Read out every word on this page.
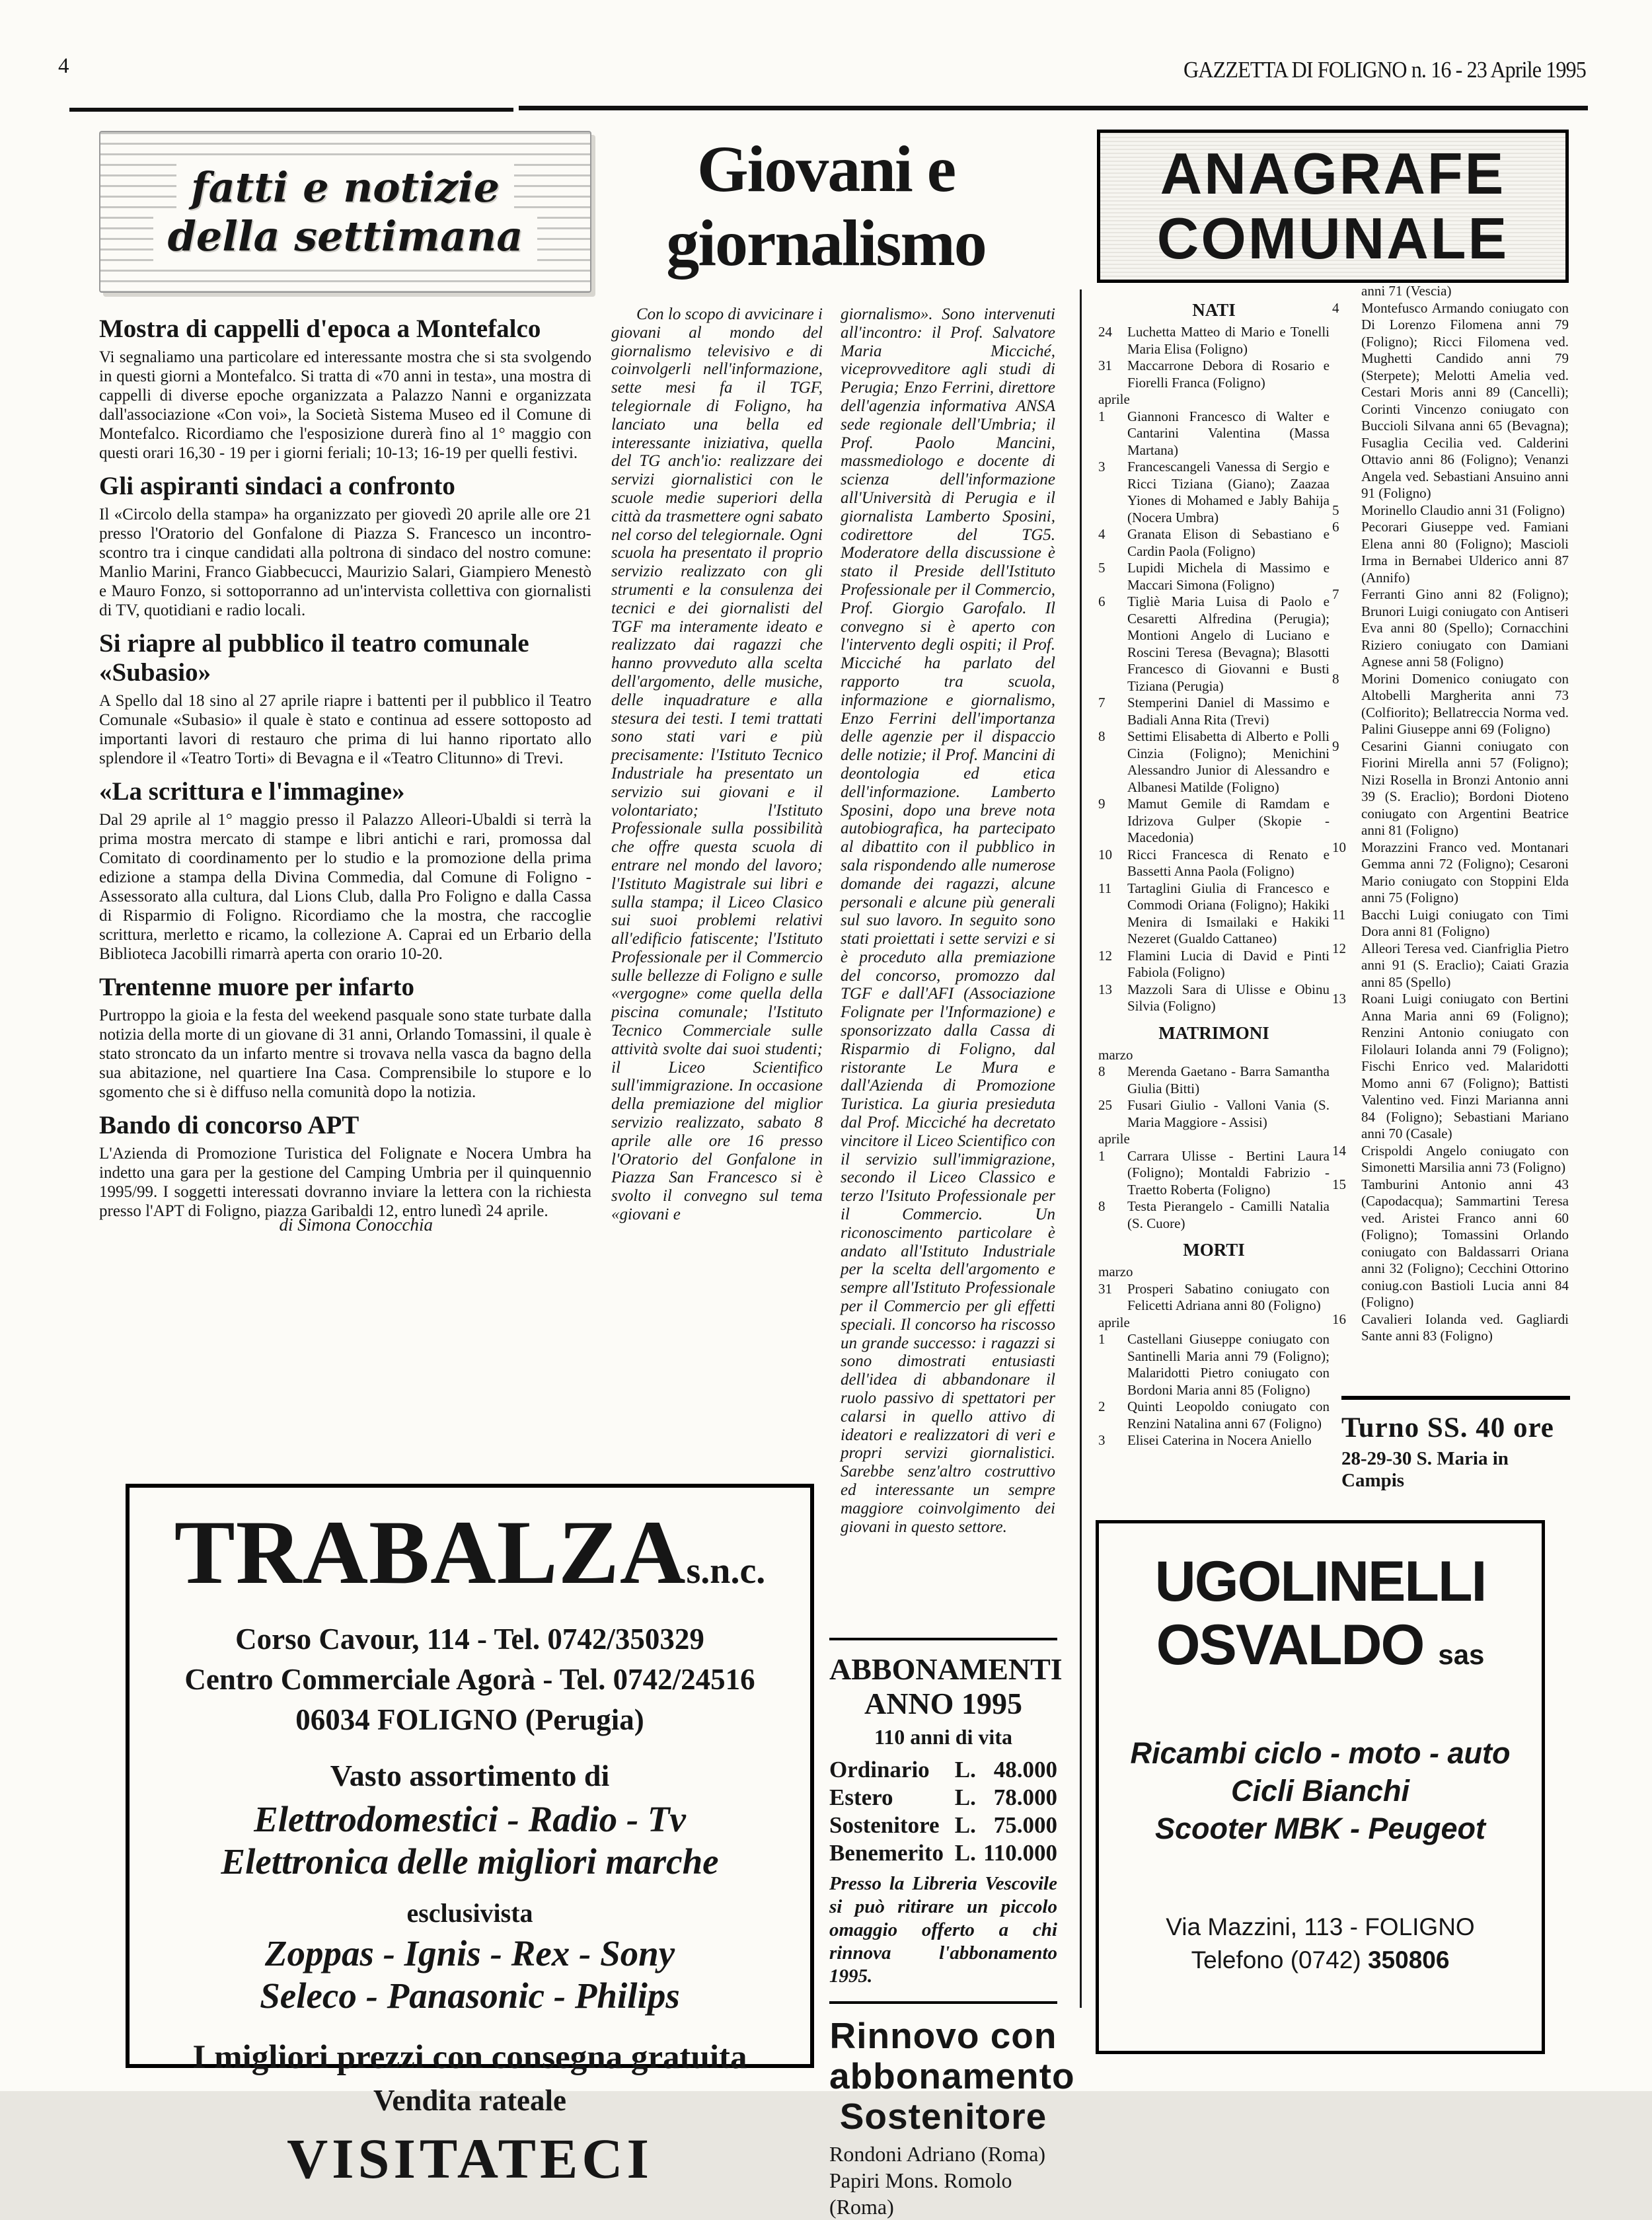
4	GAZZETTA DI FOLIGNO n. 16 - 23 Aprile 1995
fatti e notizie
della settimana
Mostra di cappelli d'epoca a Montefalco

Vi segnaliamo una particolare ed interessante mostra che si sta svolgendo in questi giorni a Montefalco. Si tratta di «70 anni in testa», una mostra di cappelli di diverse epoche organizzata a Palazzo Nanni e organizzata dall'associazione «Con voi», la Società Sistema Museo ed il Comune di Montefalco. Ricordiamo che l'esposizione durerà fino al 1° maggio con questi orari 16,30 - 19 per i giorni feriali; 10-13; 16-19 per quelli festivi.

Gli aspiranti sindaci a confronto

Il «Circolo della stampa» ha organizzato per giovedì 20 aprile alle ore 21 presso l'Oratorio del Gonfalone di Piazza S. Francesco un incontro-scontro tra i cinque candidati alla poltrona di sindaco del nostro comune: Manlio Marini, Franco Giabbecucci, Maurizio Salari, Giampiero Menestò e Mauro Fonzo, si sottoporranno ad un'intervista collettiva con giornalisti di TV, quotidiani e radio locali.

Si riapre al pubblico il teatro comunale «Subasio»

A Spello dal 18 sino al 27 aprile riapre i battenti per il pubblico il Teatro Comunale «Subasio» il quale è stato e continua ad essere sottoposto ad importanti lavori di restauro che prima di lui hanno riportato allo splendore il «Teatro Torti» di Bevagna e il «Teatro Clitunno» di Trevi.

«La scrittura e l'immagine»

Dal 29 aprile al 1° maggio presso il Palazzo Alleori-Ubaldi si terrà la prima mostra mercato di stampe e libri antichi e rari, promossa dal Comitato di coordinamento per lo studio e la promozione della prima edizione a stampa della Divina Commedia, dal Comune di Foligno - Assessorato alla cultura, dal Lions Club, dalla Pro Foligno e dalla Cassa di Risparmio di Foligno. Ricordiamo che la mostra, che raccoglie scrittura, merletto e ricamo, la collezione A. Caprai ed un Erbario della Biblioteca Jacobilli rimarrà aperta con orario 10-20.

Trentenne muore per infarto

Purtroppo la gioia e la festa del weekend pasquale sono state turbate dalla notizia della morte di un giovane di 31 anni, Orlando Tomassini, il quale è stato stroncato da un infarto mentre si trovava nella vasca da bagno della sua abitazione, nel quartiere Ina Casa. Comprensibile lo stupore e lo sgomento che si è diffuso nella comunità dopo la notizia.

Bando di concorso APT

L'Azienda di Promozione Turistica del Folignate e Nocera Umbra ha indetto una gara per la gestione del Camping Umbria per il quinquennio 1995/99. I soggetti interessati dovranno inviare la lettera con la richiesta presso l'APT di Foligno, piazza Garibaldi 12, entro lunedì 24 aprile.

di Simona Conocchia
Giovani e
giornalismo

Con lo scopo di avvicinare i giovani al mondo del giornalismo televisivo e di coinvolgerli nell'informazione, sette mesi fa il TGF, telegiornale di Foligno, ha lanciato una bella ed interessante iniziativa, quella del TG anch'io: realizzare dei servizi giornalistici con le scuole medie superiori della città da trasmettere ogni sabato nel corso del telegiornale. Ogni scuola ha presentato il proprio servizio realizzato con gli strumenti e la consulenza dei tecnici e dei giornalisti del TGF ma interamente ideato e realizzato dai ragazzi che hanno provveduto alla scelta dell'argomento, delle musiche, delle inquadrature e alla stesura dei testi. I temi trattati sono stati vari e più precisamente: l'Istituto Tecnico Industriale ha presentato un servizio sui giovani e il volontariato; l'Istituto Professionale sulla possibilità che offre questa scuola di entrare nel mondo del lavoro; l'Istituto Magistrale sui libri e sulla stampa; il Liceo Clasico sui suoi problemi relativi all'edificio fatiscente; l'Istituto Professionale per il Commercio sulle bellezze di Foligno e sulle «vergogne» come quella della piscina comunale; l'Istituto Tecnico Commerciale sulle attività svolte dai suoi studenti; il Liceo Scientifico sull'immigrazione. In occasione della premiazione del miglior servizio realizzato, sabato 8 aprile alle ore 16 presso l'Oratorio del Gonfalone in Piazza San Francesco si è svolto il convegno sul tema «giovani e

giornalismo». Sono intervenuti all'incontro: il Prof. Salvatore Maria Micciché, viceprovveditore agli studi di Perugia; Enzo Ferrini, direttore dell'agenzia informativa ANSA sede regionale dell'Umbria; il Prof. Paolo Mancini, massmediologo e docente di scienza dell'informazione all'Università di Perugia e il giornalista Lamberto Sposini, codirettore del TG5. Moderatore della discussione è stato il Preside dell'Istituto Professionale per il Commercio, Prof. Giorgio Garofalo. Il convegno si è aperto con l'intervento degli ospiti; il Prof. Micciché ha parlato del rapporto tra scuola, informazione e giornalismo, Enzo Ferrini dell'importanza delle agenzie per il dispaccio delle notizie; il Prof. Mancini di deontologia ed etica dell'informazione. Lamberto Sposini, dopo una breve nota autobiografica, ha partecipato al dibattito con il pubblico in sala rispondendo alle numerose domande dei ragazzi, alcune personali e alcune più generali sul suo lavoro. In seguito sono stati proiettati i sette servizi e si è proceduto alla premiazione del concorso, promozzo dal TGF e dall'AFI (Associazione Folignate per l'Informazione) e sponsorizzato dalla Cassa di Risparmio di Foligno, dal ristorante Le Mura e dall'Azienda di Promozione Turistica. La giuria presieduta dal Prof. Micciché ha decretato vincitore il Liceo Scientifico con il servizio sull'immigrazione, secondo il Liceo Classico e terzo l'Isituto Professionale per il Commercio. Un riconoscimento particolare è andato all'Istituto Industriale per la scelta dell'argomento e sempre all'Istituto Professionale per il Commercio per gli effetti speciali. Il concorso ha riscosso un grande successo: i ragazzi si sono dimostrati entusiasti dell'idea di abbandonare il ruolo passivo di spettatori per calarsi in quello attivo di ideatori e realizzatori di veri e propri servizi giornalistici. Sarebbe senz'altro costruttivo ed interessante un sempre maggiore coinvolgimento dei giovani in questo settore.

ANAGRAFE
COMUNALE
NATI
24 Luchetta Matteo di Mario e Tonelli Maria Elisa (Foligno)
31 Maccarrone Debora di Rosario e Fiorelli Franca (Foligno)
aprile
1 Giannoni Francesco di Walter e Cantarini Valentina (Massa Martana)
3 Francescangeli Vanessa di Sergio e Ricci Tiziana (Giano); Zaazaa Yiones di Mohamed e Jably Bahija (Nocera Umbra)
4 Granata Elison di Sebastiano e Cardin Paola (Foligno)
5 Lupidi Michela di Massimo e Maccari Simona (Foligno)
6 Tigliè Maria Luisa di Paolo e Cesaretti Alfredina (Perugia); Montioni Angelo di Luciano e Roscini Teresa (Bevagna); Blasotti Francesco di Giovanni e Busti Tiziana (Perugia)
7 Stemperini Daniel di Massimo e Badiali Anna Rita (Trevi)
8 Settimi Elisabetta di Alberto e Polli Cinzia (Foligno); Menichini Alessandro Junior di Alessandro e Albanesi Matilde (Foligno)
9 Mamut Gemile di Ramdam e Idrizova Gulper (Skopie - Macedonia)
10 Ricci Francesca di Renato e Bassetti Anna Paola (Foligno)
11 Tartaglini Giulia di Francesco e Commodi Oriana (Foligno); Hakiki Menira di Ismailaki e Hakiki Nezeret (Gualdo Cattaneo)
12 Flamini Lucia di David e Pinti Fabiola (Foligno)
13 Mazzoli Sara di Ulisse e Obinu Silvia (Foligno)
MATRIMONI
marzo
8 Merenda Gaetano - Barra Samantha Giulia (Bitti)
25 Fusari Giulio - Valloni Vania (S. Maria Maggiore - Assisi)
aprile
1 Carrara Ulisse - Bertini Laura (Foligno); Montaldi Fabrizio - Traetto Roberta (Foligno)
8 Testa Pierangelo - Camilli Natalia (S. Cuore)
MORTI
marzo
31 Prosperi Sabatino coniugato con Felicetti Adriana anni 80 (Foligno)
aprile
1 Castellani Giuseppe coniugato con Santinelli Maria anni 79 (Foligno); Malaridotti Pietro coniugato con Bordoni Maria anni 85 (Foligno)
2 Quinti Leopoldo coniugato con Renzini Natalina anni 67 (Foligno)
3 Elisei Caterina in Nocera Aniello
anni 71 (Vescia)
4 Montefusco Armando coniugato con Di Lorenzo Filomena anni 79 (Foligno); Ricci Filomena ved. Mughetti Candido anni 79 (Sterpete); Melotti Amelia ved. Cestari Moris anni 89 (Cancelli); Corinti Vincenzo coniugato con Buccioli Silvana anni 65 (Bevagna); Fusaglia Cecilia ved. Calderini Ottavio anni 86 (Foligno); Venanzi Angela ved. Sebastiani Ansuino anni 91 (Foligno)
5 Morinello Claudio anni 31 (Foligno)
6 Pecorari Giuseppe ved. Famiani Elena anni 80 (Foligno); Mascioli Irma in Bernabei Ulderico anni 87 (Annifo)
7 Ferranti Gino anni 82 (Foligno); Brunori Luigi coniugato con Antiseri Eva anni 80 (Spello); Cornacchini Riziero coniugato con Damiani Agnese anni 58 (Foligno)
8 Morini Domenico coniugato con Altobelli Margherita anni 73 (Colfiorito); Bellatreccia Norma ved. Palini Giuseppe anni 69 (Foligno)
9 Cesarini Gianni coniugato con Fiorini Mirella anni 57 (Foligno); Nizi Rosella in Bronzi Antonio anni 39 (S. Eraclio); Bordoni Dioteno coniugato con Argentini Beatrice anni 81 (Foligno)
10 Morazzini Franco ved. Montanari Gemma anni 72 (Foligno); Cesaroni Mario coniugato con Stoppini Elda anni 75 (Foligno)
11 Bacchi Luigi coniugato con Timi Dora anni 81 (Foligno)
12 Alleori Teresa ved. Cianfriglia Pietro anni 91 (S. Eraclio); Caiati Grazia anni 85 (Spello)
13 Roani Luigi coniugato con Bertini Anna Maria anni 69 (Foligno); Renzini Antonio coniugato con Filolauri Iolanda anni 79 (Foligno); Fischi Enrico ved. Malaridotti Momo anni 67 (Foligno); Battisti Valentino ved. Finzi Marianna anni 84 (Foligno); Sebastiani Mariano anni 70 (Casale)
14 Crispoldi Angelo coniugato con Simonetti Marsilia anni 73 (Foligno)
15 Tamburini Antonio anni 43 (Capodacqua); Sammartini Teresa ved. Aristei Franco anni 60 (Foligno); Tomassini Orlando coniugato con Baldassarri Oriana anni 32 (Foligno); Cecchini Ottorino coniug.con Bastioli Lucia anni 84 (Foligno)
16 Cavalieri Iolanda ved. Gagliardi Sante anni 83 (Foligno)
Turno SS. 40 ore
28-29-30 S. Maria in Campis
TRABALZAs.n.c.
Corso Cavour, 114 - Tel. 0742/350329
Centro Commerciale Agorà - Tel. 0742/24516
06034 FOLIGNO (Perugia)
Vasto assortimento di
Elettrodomestici - Radio - Tv
Elettronica delle migliori marche
esclusivista
Zoppas - Ignis - Rex - Sony
Seleco - Panasonic - Philips
I migliori prezzi con consegna gratuita
Vendita rateale
VISITATECI
ABBONAMENTI
ANNO 1995
110 anni di vita
Ordinario	L.	48.000
Estero	L.	78.000
Sostenitore	L.	75.000
Benemerito	L.	110.000
Presso la Libreria Vescovile si può ritirare un piccolo omaggio offerto a chi rinnova l'abbonamento 1995.
Rinnovo con
abbonamento
Sostenitore
Rondoni Adriano (Roma)
Papiri Mons. Romolo (Roma)
UGOLINELLI
OSVALDO sas
Ricambi ciclo - moto - auto
Cicli Bianchi
Scooter MBK - Peugeot
Via Mazzini, 113 - FOLIGNO
Telefono (0742) 350806
